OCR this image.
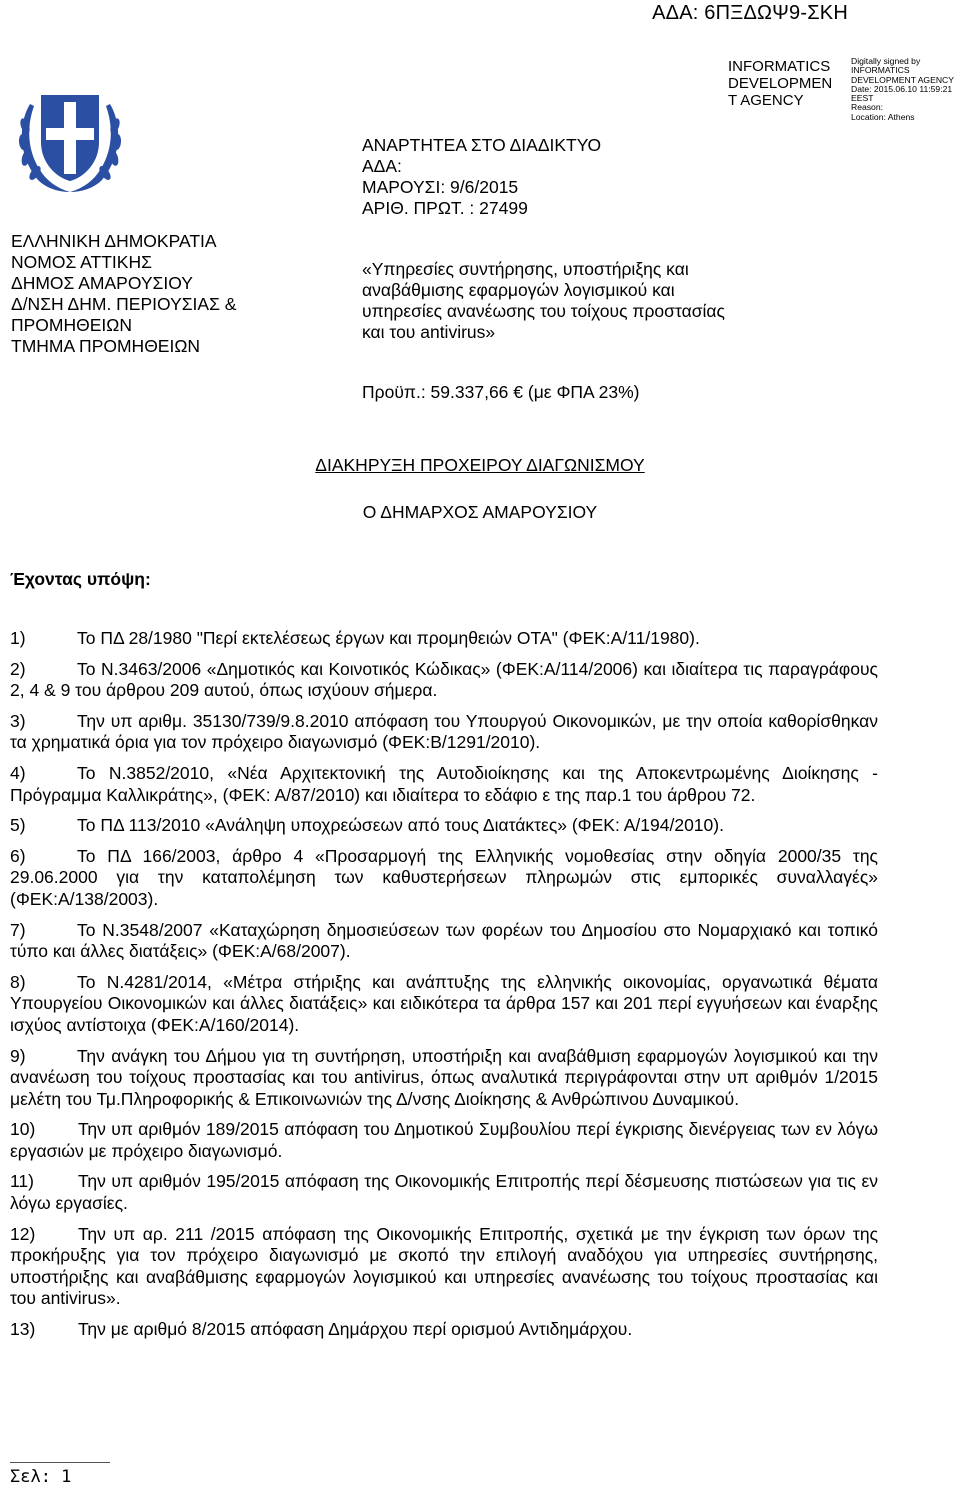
ΑΔΑ: 6ΠΞΔΩΨ9-ΣΚΗ
INFORMATICS
DEVELOPMEN
T AGENCY
Digitally signed by
INFORMATICS
DEVELOPMENT AGENCY
Date: 2015.06.10 11:59:21
EEST
Reason:
Location: Athens
ΕΛΛΗΝΙΚΗ ΔΗΜΟΚΡΑΤΙΑ
ΝΟΜΟΣ ΑΤΤΙΚΗΣ
ΔΗΜΟΣ ΑΜΑΡΟΥΣΙΟΥ
Δ/ΝΣΗ ΔΗΜ. ΠΕΡΙΟΥΣΙΑΣ &
ΠΡΟΜΗΘΕΙΩΝ
ΤΜΗΜΑ ΠΡΟΜΗΘΕΙΩΝ
ΑΝΑΡΤΗΤΕΑ ΣΤΟ ΔΙΑΔΙΚΤΥΟ
ΑΔΑ:
ΜΑΡΟΥΣΙ: 9/6/2015
ΑΡΙΘ. ΠΡΩΤ. : 27499
«Υπηρεσίες συντήρησης, υποστήριξης και
αναβάθμισης εφαρμογών λογισμικού και
υπηρεσίες ανανέωσης του τοίχους προστασίας
και του antivirus»
Προϋπ.: 59.337,66 € (με ΦΠΑ 23%)
ΔΙΑΚΗΡΥΞΗ ΠΡΟΧΕΙΡΟΥ ΔΙΑΓΩΝΙΣΜΟΥ
Ο ΔΗΜΑΡΧΟΣ ΑΜΑΡΟΥΣΙΟΥ
Έχοντας υπόψη:
1)	Το ΠΔ 28/1980 "Περί εκτελέσεως έργων και προμηθειών ΟΤΑ" (ΦΕΚ:Α/11/1980).
2)	Το Ν.3463/2006 «Δημοτικός και Κοινοτικός Κώδικας» (ΦΕΚ:Α/114/2006) και ιδιαίτερα τις παραγράφους 2, 4 & 9 του άρθρου 209 αυτού, όπως ισχύουν σήμερα.
3)	Την υπ αριθμ. 35130/739/9.8.2010 απόφαση του Υπουργού Οικονομικών, με την οποία καθορίσθηκαν τα χρηματικά όρια για τον πρόχειρο διαγωνισμό (ΦΕΚ:Β/1291/2010).
4)	Το Ν.3852/2010, «Νέα Αρχιτεκτονική της Αυτοδιοίκησης και της Αποκεντρωμένης Διοίκησης - Πρόγραμμα Καλλικράτης», (ΦΕΚ: Α/87/2010) και ιδιαίτερα το εδάφιο ε της παρ.1 του άρθρου 72.
5)	Το ΠΔ 113/2010 «Ανάληψη υποχρεώσεων από τους Διατάκτες» (ΦΕΚ: Α/194/2010).
6)	Το ΠΔ 166/2003, άρθρο 4 «Προσαρμογή της Ελληνικής νομοθεσίας στην οδηγία 2000/35 της 29.06.2000 για την καταπολέμηση των καθυστερήσεων πληρωμών στις εμπορικές συναλλαγές» (ΦΕΚ:Α/138/2003).
7)	Το Ν.3548/2007 «Καταχώρηση δημοσιεύσεων των φορέων του Δημοσίου στο Νομαρχιακό και τοπικό τύπο και άλλες διατάξεις» (ΦΕΚ:Α/68/2007).
8)	Το Ν.4281/2014, «Μέτρα στήριξης και ανάπτυξης της ελληνικής οικονομίας, οργανωτικά θέματα Υπουργείου Οικονομικών και άλλες διατάξεις» και ειδικότερα τα άρθρα 157 και 201 περί εγγυήσεων και έναρξης ισχύος αντίστοιχα (ΦΕΚ:Α/160/2014).
9)	Την ανάγκη του Δήμου για τη συντήρηση, υποστήριξη και αναβάθμιση εφαρμογών λογισμικού και την ανανέωση του τοίχους προστασίας και του antivirus, όπως αναλυτικά περιγράφονται στην υπ αριθμόν 1/2015 μελέτη του Τμ.Πληροφορικής & Επικοινωνιών της Δ/νσης Διοίκησης & Ανθρώπινου Δυναμικού.
10) Την υπ αριθμόν 189/2015 απόφαση του Δημοτικού Συμβουλίου περί έγκρισης διενέργειας των εν λόγω εργασιών με πρόχειρο διαγωνισμό.
11)	Την υπ αριθμόν 195/2015 απόφαση της Οικονομικής Επιτροπής περί δέσμευσης πιστώσεων για τις εν λόγω εργασίες.
12) Την υπ αρ. 211 /2015 απόφαση της Οικονομικής Επιτροπής, σχετικά με την έγκριση των όρων της προκήρυξης για τον πρόχειρο διαγωνισμό με σκοπό την επιλογή αναδόχου για υπηρεσίες συντήρησης, υποστήριξης και αναβάθμισης εφαρμογών λογισμικού και υπηρεσίες ανανέωσης του τοίχους προστασίας και του antivirus».
13) Την με αριθμό 8/2015 απόφαση Δημάρχου περί ορισμού Αντιδημάρχου.
Σελ: 1
